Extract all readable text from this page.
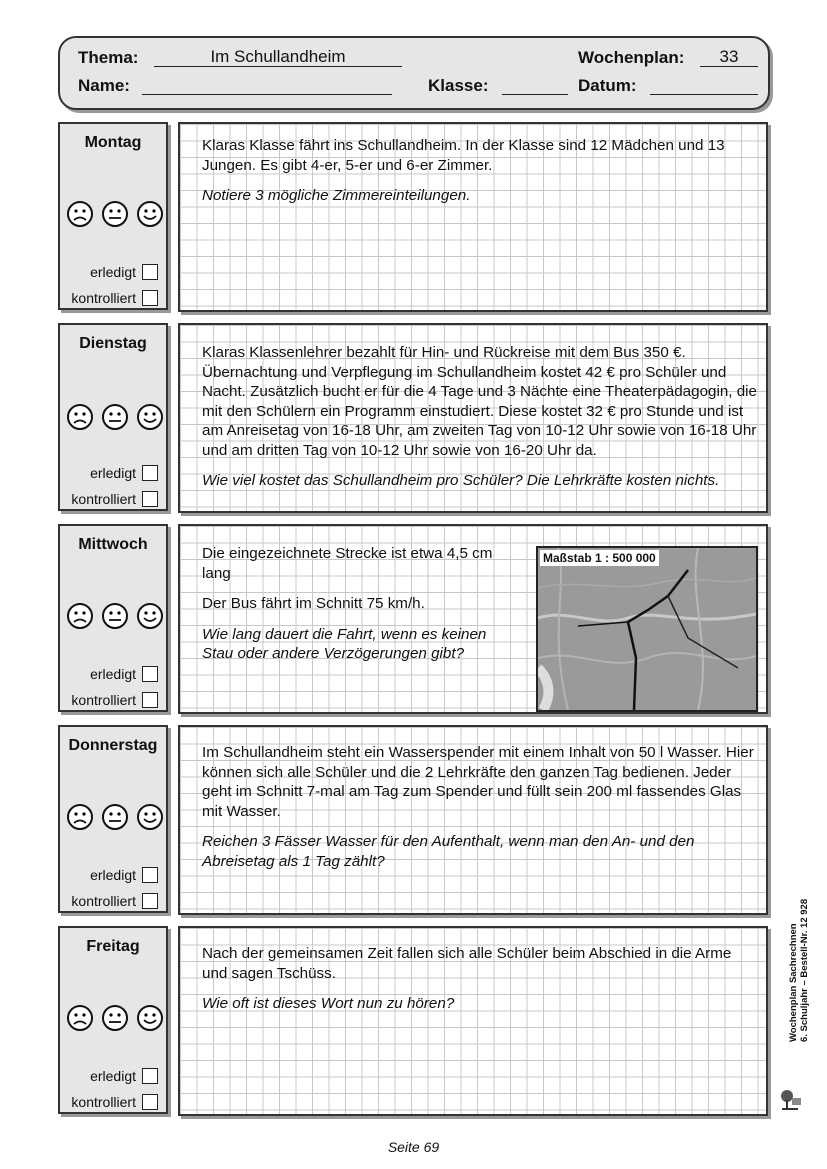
Thema:	Im Schullandheim	Wochenplan:	33
Name:	Klasse:	Datum:
Montag
erledigt
kontrolliert

Klaras Klasse fährt ins Schullandheim. In der Klasse sind 12 Mädchen und 13 Jungen. Es gibt 4-er, 5-er und 6-er Zimmer.

Notiere 3 mögliche Zimmereinteilungen.

Dienstag
erledigt
kontrolliert

Klaras Klassenlehrer bezahlt für Hin- und Rückreise mit dem Bus 350 €. Übernachtung und Verpflegung im Schullandheim kostet 42 € pro Schüler und Nacht. Zusätzlich bucht er für die 4 Tage und 3 Nächte eine Theaterpädagogin, die mit den Schülern ein Programm einstudiert. Diese kostet 32 € pro Stunde und ist am Anreisetag von 16-18 Uhr, am zweiten Tag von 10-12 Uhr sowie von 16-18 Uhr und am dritten Tag von 10-12 Uhr sowie von 16-20 Uhr da.

Wie viel kostet das Schullandheim pro Schüler? Die Lehrkräfte kosten nichts.

Mittwoch
erledigt
kontrolliert

Die eingezeichnete Strecke ist etwa 4,5 cm lang

Der Bus fährt im Schnitt 75 km/h.

Wie lang dauert die Fahrt, wenn es keinen Stau oder andere Verzögerungen gibt?

Maßstab 1 : 500 000
Donnerstag
erledigt
kontrolliert

Im Schullandheim steht ein Wasserspender mit einem Inhalt von 50 l Wasser. Hier können sich alle Schüler und die 2 Lehrkräfte den ganzen Tag bedienen. Jeder geht im Schnitt 7-mal am Tag zum Spender und füllt sein 200 ml fassendes Glas mit Wasser.

Reichen 3 Fässer Wasser für den Aufenthalt, wenn man den An- und den Abreisetag als 1 Tag zählt?

Freitag
erledigt
kontrolliert

Nach der gemeinsamen Zeit fallen sich alle Schüler beim Abschied in die Arme und sagen Tschüss.

Wie oft ist dieses Wort nun zu hören?	Wochenplan Sachrechnen 6. Schuljahr – Bestell-Nr. 12 928
Seite 69
